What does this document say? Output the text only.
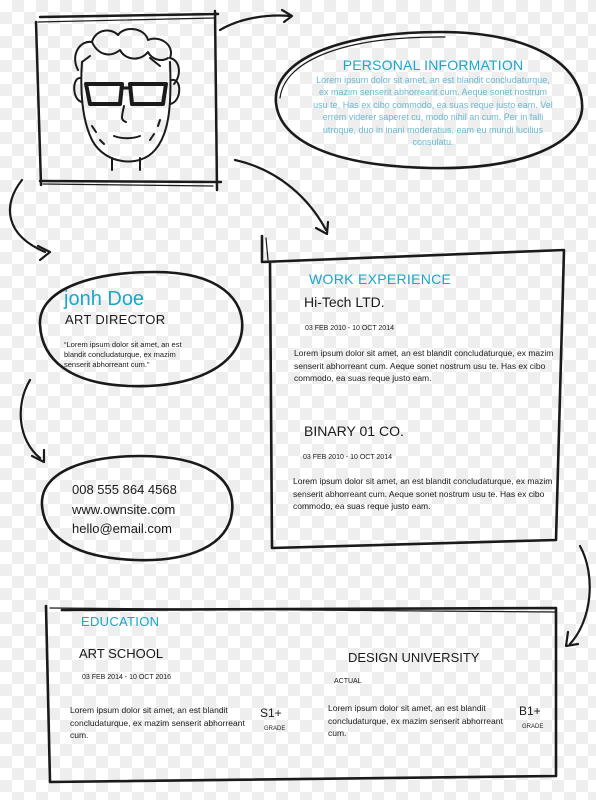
PERSONAL INFORMATION
Lorem ipsum dolor sit amet, an est blandit concludaturque, ex mazim senserit abhorreant cum. Aeque sonet nostrum usu te. Has ex cibo commodo, ea suas reque justo eam. Vel errem viderer saperet cu, modo nihil an cum. Per in falli utroque, duo in inani moderatius, eam eu mundi lucilius consulatu.
jonh Doe
ART DIRECTOR
“Lorem ipsum dolor sit amet, an est blandit concludaturque, ex mazim senserit abhorreant cum.”
008 555 864 4568
www.ownsite.com
hello@email.com
WORK EXPERIENCE
Hi-Tech LTD.
03 FEB 2010 - 10 OCT 2014
Lorem ipsum dolor sit amet, an est blandit concludaturque, ex mazim senserit abhorreant cum. Aeque sonet nostrum usu te. Has ex cibo commodo, ea suas reque justo eam.
BINARY 01 CO.
03 FEB 2010 - 10 OCT 2014
Lorem ipsum dolor sit amet, an est blandit concludaturque, ex mazim senserit abhorreant cum. Aeque sonet nostrum usu te. Has ex cibo commodo, ea suas reque justo eam.
EDUCATION
ART SCHOOL
03 FEB 2014 - 10 OCT 2016
Lorem ipsum dolor sit amet, an est blandit concludaturque, ex mazim senserit abhorreant cum.
S1+
GRADE
DESIGN UNIVERSITY
ACTUAL
Lorem ipsum dolor sit amet, an est blandit concludaturque, ex mazim senserit abhorreant cum.
B1+
GRADE
